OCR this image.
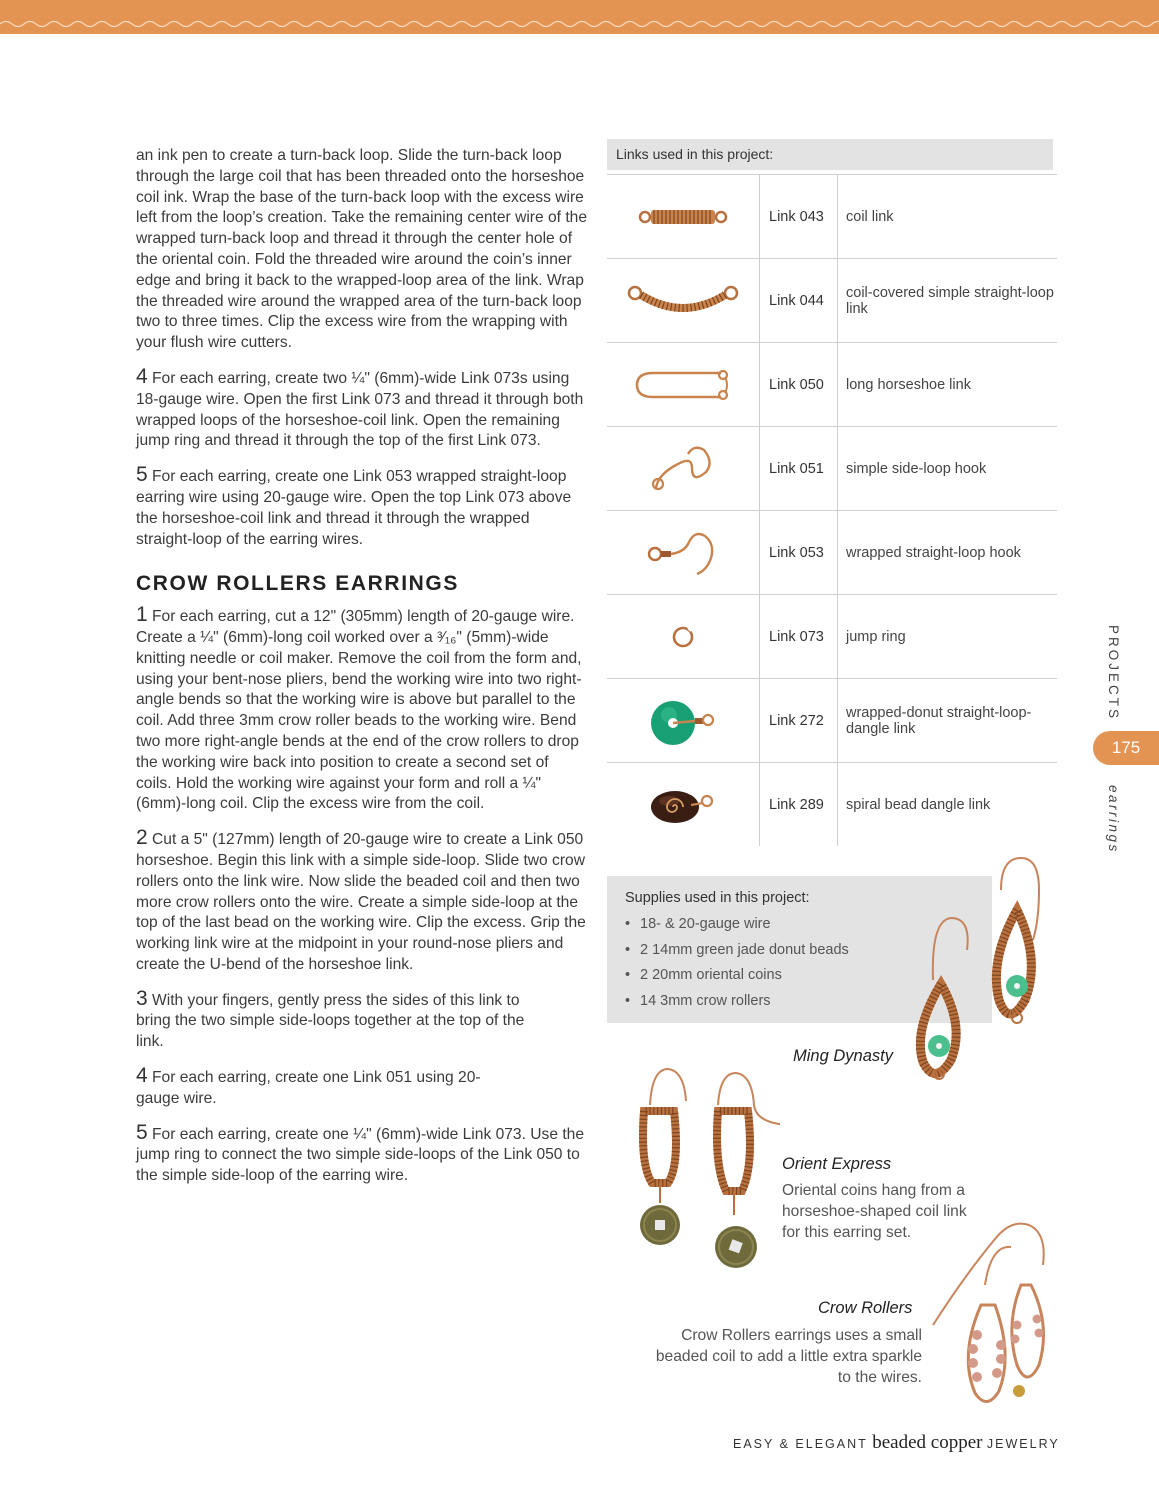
an ink pen to create a turn-back loop. Slide the turn-back loop through the large coil that has been threaded onto the horseshoe coil ink. Wrap the base of the turn-back loop with the excess wire left from the loop’s creation. Take the remaining center wire of the wrapped turn-back loop and thread it through the center hole of the oriental coin. Fold the threaded wire around the coin’s inner edge and bring it back to the wrapped-loop area of the link. Wrap the threaded wire around the wrapped area of the turn-back loop two to three times. Clip the excess wire from the wrapping with your flush wire cutters.

4 For each earring, create two ¼" (6mm)-wide Link 073s using 18-gauge wire. Open the first Link 073 and thread it through both wrapped loops of the horseshoe-coil link. Open the remaining jump ring and thread it through the top of the first Link 073.

5 For each earring, create one Link 053 wrapped straight-loop earring wire using 20-gauge wire. Open the top Link 073 above the horseshoe-coil link and thread it through the wrapped straight-loop of the earring wires.

CROW ROLLERS EARRINGS

1 For each earring, cut a 12" (305mm) length of 20-gauge wire. Create a ¼" (6mm)-long coil worked over a ³⁄₁₆" (5mm)-wide knitting needle or coil maker. Remove the coil from the form and, using your bent-nose pliers, bend the working wire into two right-angle bends so that the working wire is above but parallel to the coil. Add three 3mm crow roller beads to the working wire. Bend two more right-angle bends at the end of the crow rollers to drop the working wire back into position to create a second set of coils. Hold the working wire against your form and roll a ¼" (6mm)-long coil. Clip the excess wire from the coil.

2 Cut a 5" (127mm) length of 20-gauge wire to create a Link 050 horseshoe. Begin this link with a simple side-loop. Slide two crow rollers onto the link wire. Now slide the beaded coil and then two more crow rollers onto the wire. Create a simple side-loop at the top of the last bead on the working wire. Clip the excess. Grip the working link wire at the midpoint in your round-nose pliers and create the U-bend of the horseshoe link.

3 With your fingers, gently press the sides of this link to bring the two simple side-loops together at the top of the link.

4 For each earring, create one Link 051 using 20-gauge wire.

5 For each earring, create one ¼" (6mm)-wide Link 073. Use the jump ring to connect the two simple side-loops of the Link 050 to the simple side-loop of the earring wire.

Links used in this project:
Link 043	coil link
Link 044	coil-covered simple straight-loop link
Link 050	long horseshoe link
Link 051	simple side-loop hook
Link 053	wrapped straight-loop hook
Link 073	jump ring
Link 272	wrapped-donut straight-loop-dangle link
Link 289	spiral bead dangle link
PROJECTS
175
earrings
Supplies used in this project:
• 18- & 20-gauge wire
• 2 14mm green jade donut beads
• 2 20mm oriental coins
• 14 3mm crow rollers
Ming Dynasty
Orient Express
Oriental coins hang from a horseshoe-shaped coil link for this earring set.
Crow Rollers
Crow Rollers earrings uses a small beaded coil to add a little extra sparkle to the wires.
EASY & ELEGANT beaded copper JEWELRY
